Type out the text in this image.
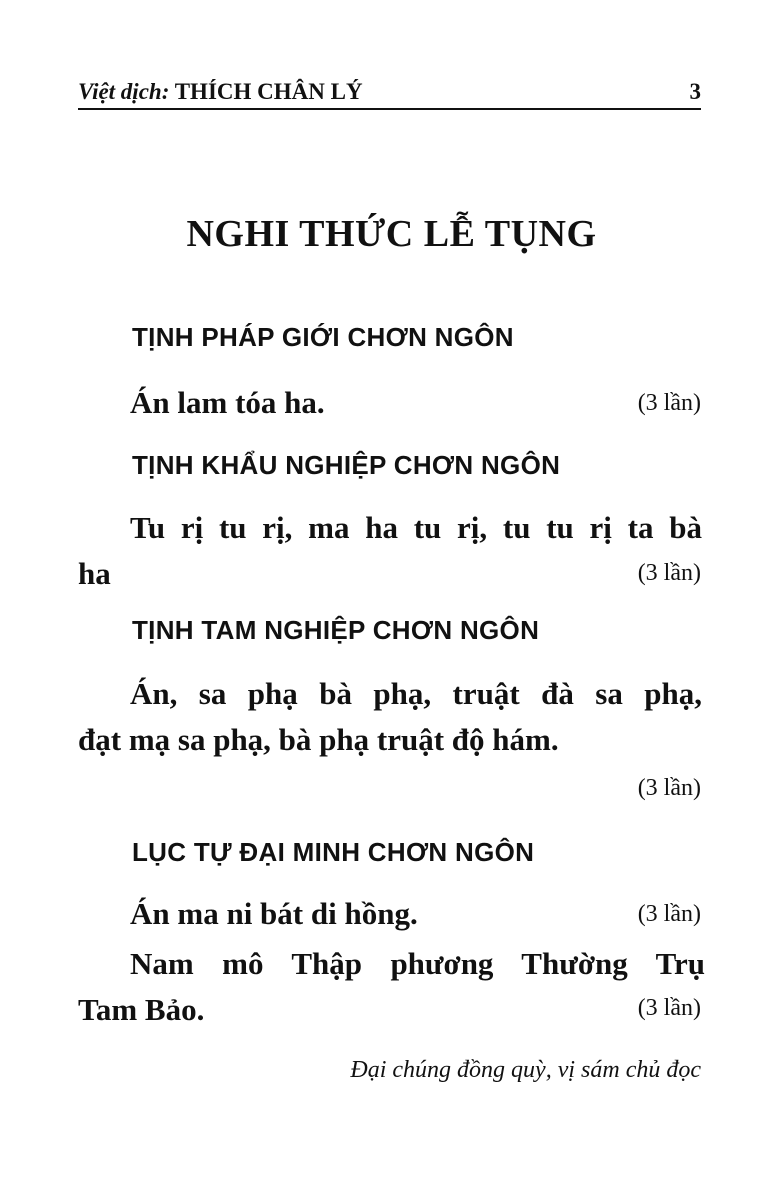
Việt dịch: THÍCH CHÂN LÝ	3
NGHI THỨC LỄ TỤNG
TỊNH PHÁP GIỚI CHƠN NGÔN
Án lam tóa ha.	(3 lần)
TỊNH KHẨU NGHIỆP CHƠN NGÔN
Tu rị tu rị, ma ha tu rị, tu tu rị ta bà
ha	(3 lần)
TỊNH TAM NGHIỆP CHƠN NGÔN
Án, sa phạ bà phạ, truật đà sa phạ,
đạt mạ sa phạ, bà phạ truật độ hám.
(3 lần)
LỤC TỰ ĐẠI MINH CHƠN NGÔN
Án ma ni bát di hồng.	(3 lần)
Nam mô Thập phương Thường Trụ
Tam Bảo.	(3 lần)
Đại chúng đồng quỳ, vị sám chủ đọc
